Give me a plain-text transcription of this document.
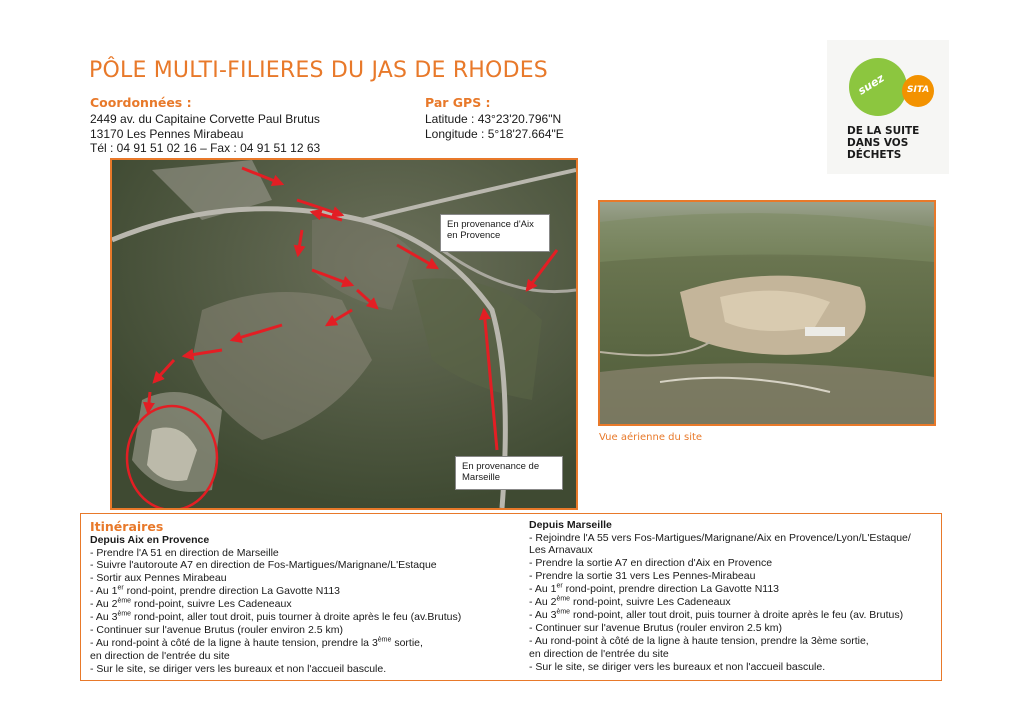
PÔLE MULTI-FILIERES DU JAS DE RHODES
Coordonnées :
2449 av. du Capitaine Corvette Paul Brutus
13170 Les Pennes Mirabeau
Tél : 04 91 51 02 16 – Fax : 04 91 51 12 63
Par GPS :
Latitude : 43°23'20.796"N
Longitude : 5°18'27.664"E
suez SITA
DE LA SUITE
DANS VOS DÉCHETS
En provenance d'Aix en Provence
En provenance de Marseille
Vue aérienne du site
Itinéraires
Depuis Aix en Provence
- Prendre l'A 51 en direction de Marseille
- Suivre l'autoroute A7 en direction de Fos-Martigues/Marignane/L'Estaque
- Sortir aux Pennes Mirabeau
- Au 1er rond-point, prendre direction La Gavotte N113
- Au 2ème rond-point, suivre Les Cadeneaux
- Au 3ème rond-point, aller tout droit, puis tourner à droite après le feu (av.Brutus)
- Continuer sur l'avenue Brutus (rouler environ 2.5 km)
- Au rond-point à côté de la ligne à haute tension, prendre la 3ème sortie,
en direction de l'entrée du site
- Sur le site, se diriger vers les bureaux et non l'accueil bascule.
Depuis Marseille
- Rejoindre l'A 55 vers Fos-Martigues/Marignane/Aix en Provence/Lyon/L'Estaque/
Les Arnavaux
- Prendre la sortie A7 en direction d'Aix en Provence
- Prendre la sortie 31 vers Les Pennes-Mirabeau
- Au 1er rond-point, prendre direction La Gavotte N113
- Au 2ème rond-point, suivre Les Cadeneaux
- Au 3ème rond-point, aller tout droit, puis tourner à droite après le feu (av. Brutus)
- Continuer sur l'avenue Brutus (rouler environ 2.5 km)
- Au rond-point à côté de la ligne à haute tension, prendre la 3ème sortie,
en direction de l'entrée du site
- Sur le site, se diriger vers les bureaux et non l'accueil bascule.
